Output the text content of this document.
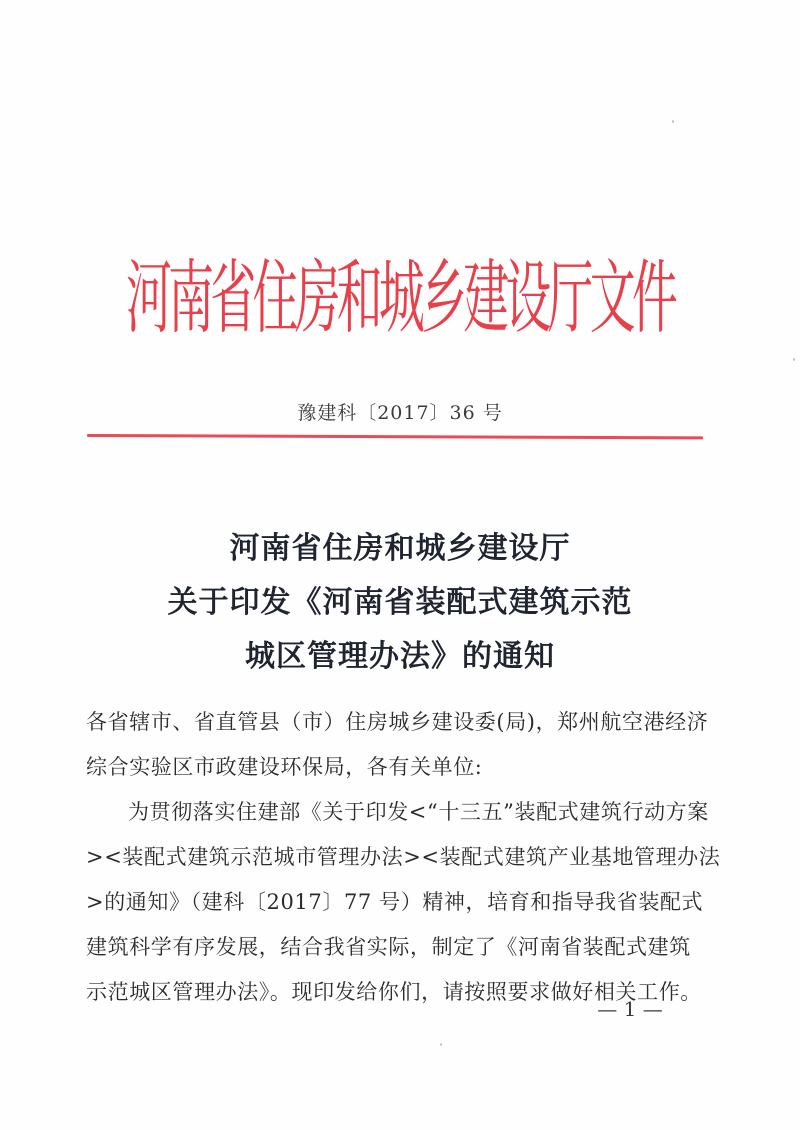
河南省住房和城乡建设厅文件
豫建科〔2017〕36 号
河南省住房和城乡建设厅
关于印发《河南省装配式建筑示范
城区管理办法》的通知
各省辖市、省直管县（市）住房城乡建设委(局)，郑州航空港经济
综合实验区市政建设环保局，各有关单位:
为贯彻落实住建部《关于印发<“十三五”装配式建筑行动方案
><装配式建筑示范城市管理办法><装配式建筑产业基地管理办法
>的通知》（建科〔2017〕77 号）精神，培育和指导我省装配式
建筑科学有序发展，结合我省实际，制定了《河南省装配式建筑
示范城区管理办法》。现印发给你们，请按照要求做好相关工作。
— 1 —
